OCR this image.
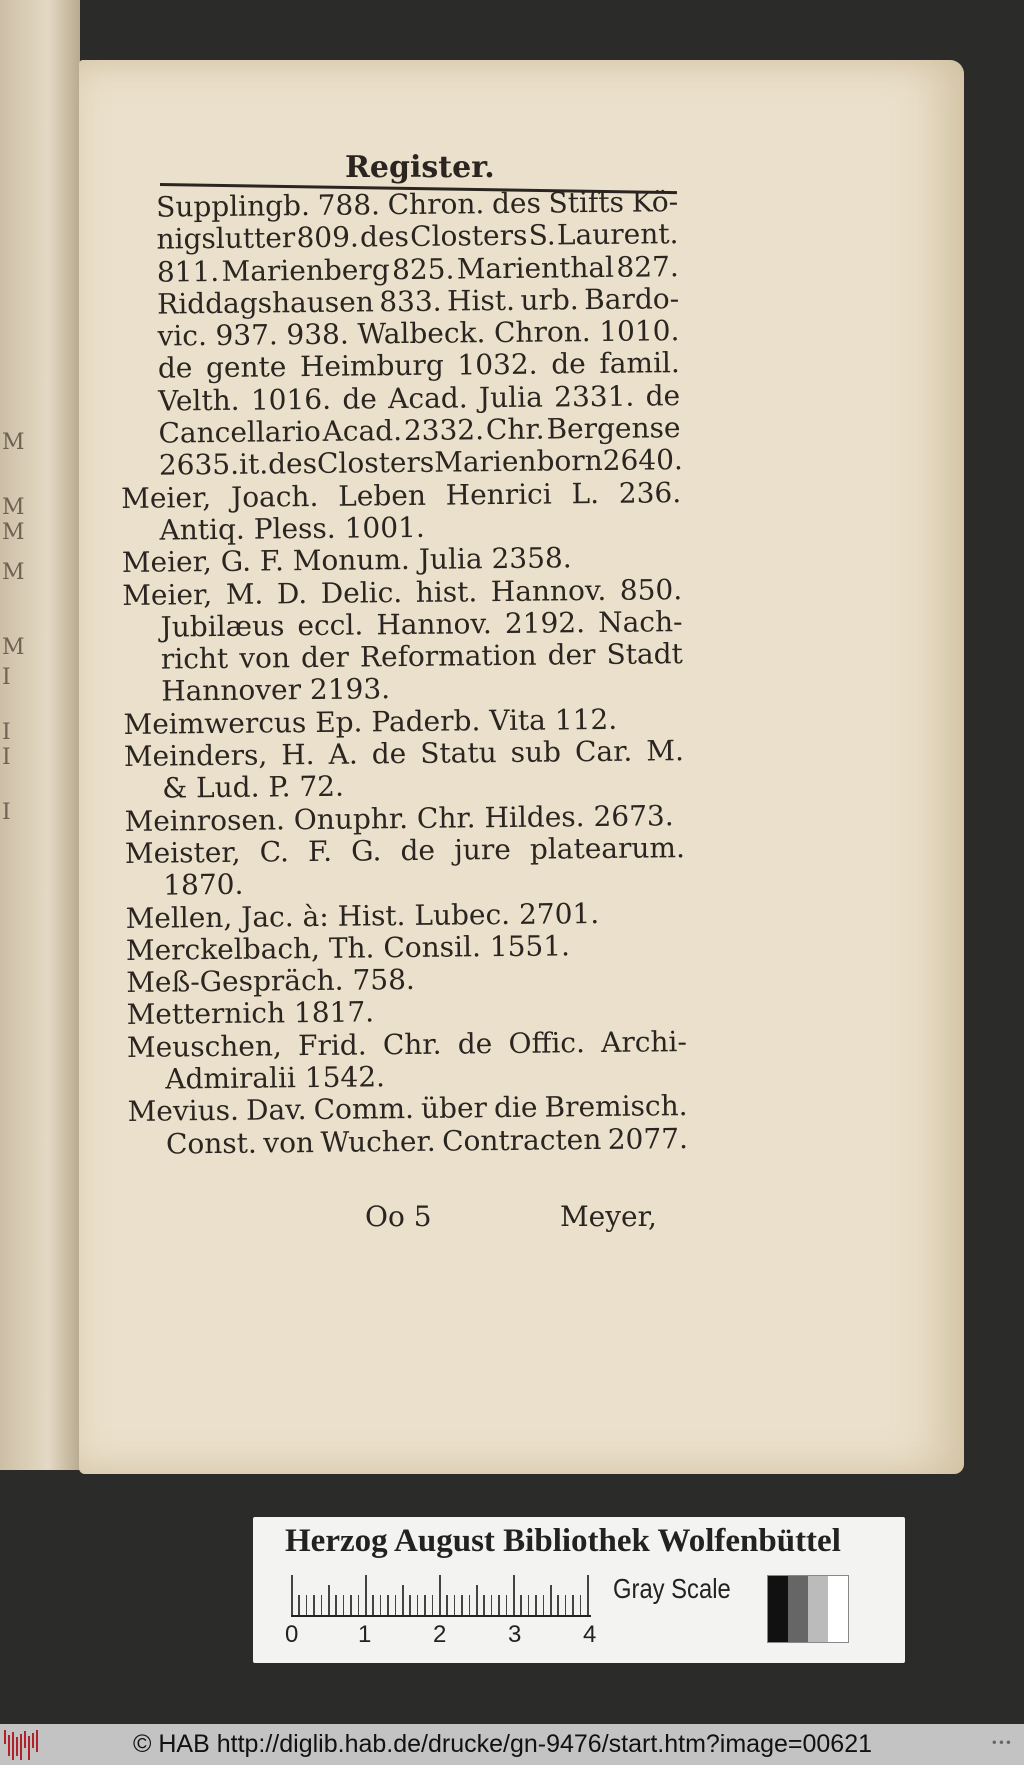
M
M
M
M
M
I
I
I
I
Register.
Supplingb. 788. Chron. des Stifts Kö-
nigslutter 809. des Closters S. Laurent.
811. Marienberg 825. Marienthal 827.
Riddagshausen 833. Hist. urb. Bardo-
vic. 937. 938. Walbeck. Chron. 1010.
de gente Heimburg 1032. de famil.
Velth. 1016. de Acad. Julia 2331. de
Cancellario Acad. 2332. Chr. Bergense
2635. it. des Closters Marienborn 2640.
Meier, Joach. Leben Henrici L. 236.
Antiq. Pless. 1001.
Meier, G. F. Monum. Julia 2358.
Meier, M. D. Delic. hist. Hannov. 850.
Jubilæus eccl. Hannov. 2192. Nach-
richt von der Reformation der Stadt
Hannover 2193.
Meimwercus Ep. Paderb. Vita 112.
Meinders, H. A. de Statu sub Car. M.
& Lud. P. 72.
Meinrosen. Onuphr. Chr. Hildes. 2673.
Meister, C. F. G. de jure platearum.
1870.
Mellen, Jac. à: Hist. Lubec. 2701.
Merckelbach, Th. Consil. 1551.
Meß-Gespräch. 758.
Metternich 1817.
Meuschen, Frid. Chr. de Offic. Archi-
Admiralii 1542.
Mevius. Dav. Comm. über die Bremisch.
Const. von Wucher. Contracten 2077.
Oo 5	Meyer,
Herzog August Bibliothek Wolfenbüttel
0 1	2	3	4
Gray Scale
© HAB http://diglib.hab.de/drucke/gn-9476/start.htm?image=00621	•••
